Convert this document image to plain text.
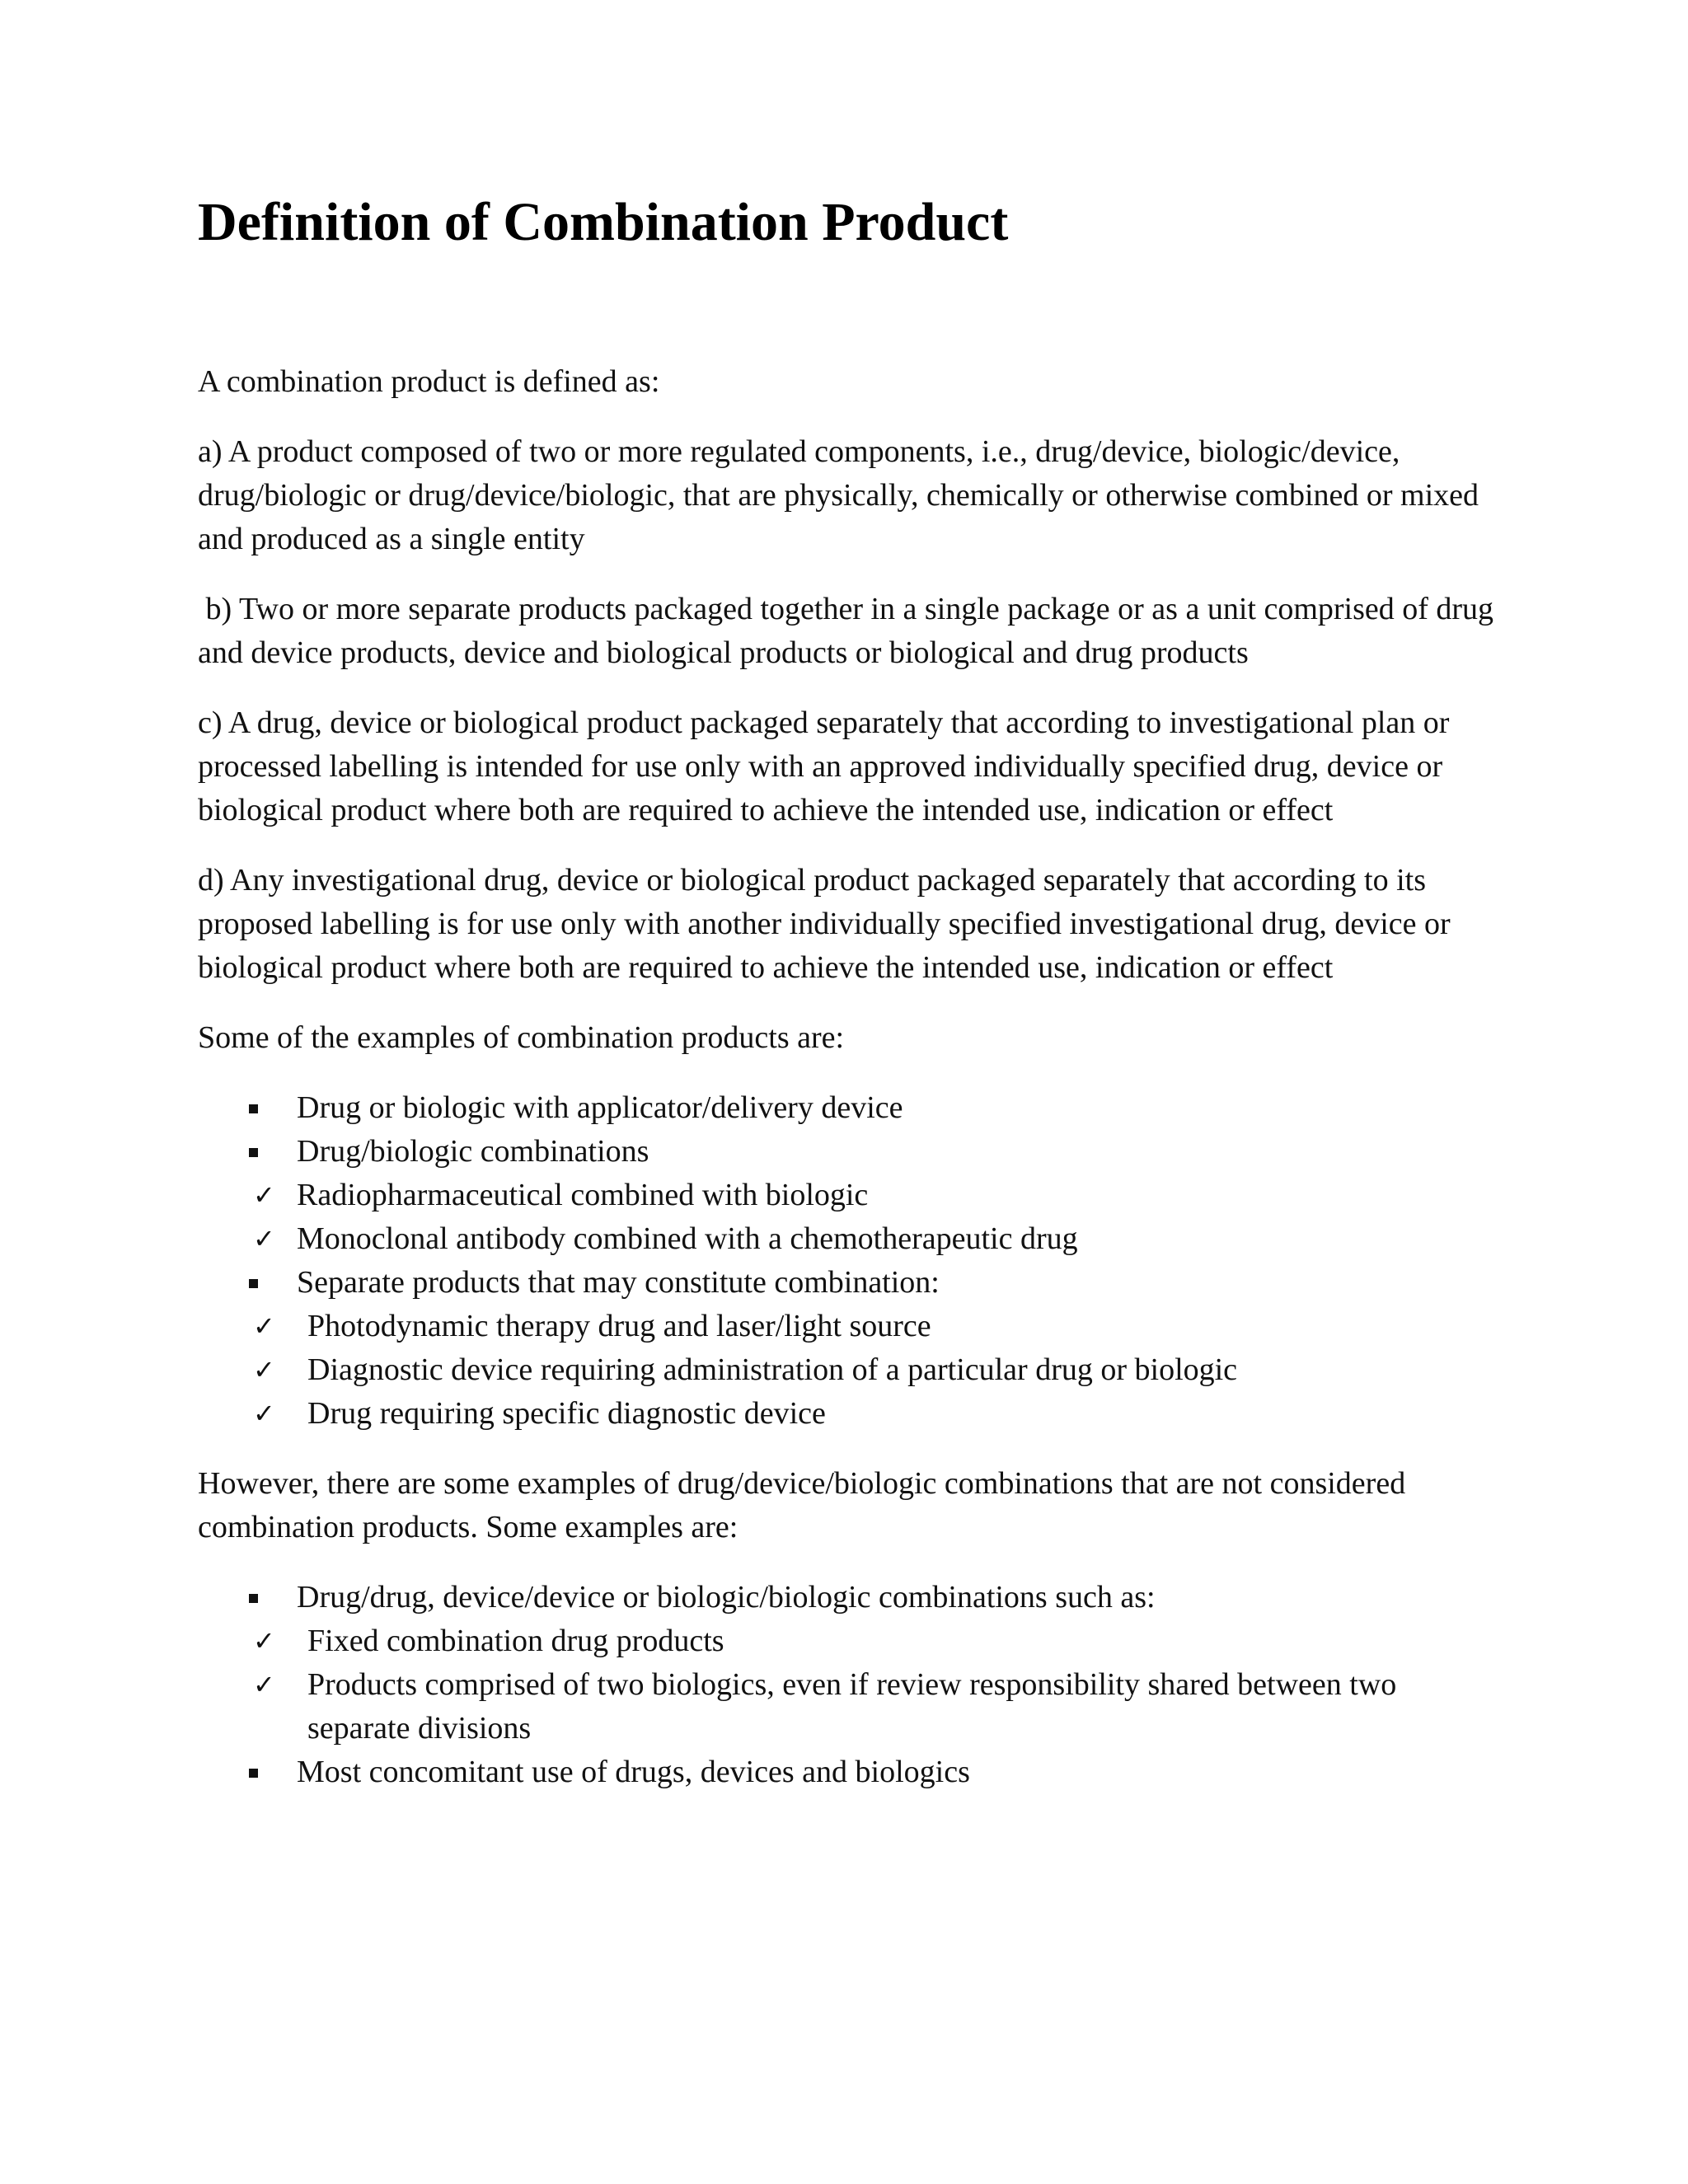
Definition of Combination Product

A combination product is defined as:

a) A product composed of two or more regulated components, i.e., drug/device, biologic/device, drug/biologic or drug/device/biologic, that are physically, chemically or otherwise combined or mixed and produced as a single entity

b) Two or more separate products packaged together in a single package or as a unit comprised of drug and device products, device and biological products or biological and drug products

c) A drug, device or biological product packaged separately that according to investigational plan or processed labelling is intended for use only with an approved individually specified drug, device or biological product where both are required to achieve the intended use, indication or effect

d) Any investigational drug, device or biological product packaged separately that according to its proposed labelling is for use only with another individually specified investigational drug, device or biological product where both are required to achieve the intended use, indication or effect

Some of the examples of combination products are:

Drug or biologic with applicator/delivery device
Drug/biologic combinations
✓ Radiopharmaceutical combined with biologic
✓ Monoclonal antibody combined with a chemotherapeutic drug
Separate products that may constitute combination:
✓ Photodynamic therapy drug and laser/light source
✓ Diagnostic device requiring administration of a particular drug or biologic
✓ Drug requiring specific diagnostic device

However, there are some examples of drug/device/biologic combinations that are not considered combination products. Some examples are:

Drug/drug, device/device or biologic/biologic combinations such as:
✓ Fixed combination drug products
✓ Products comprised of two biologics, even if review responsibility shared between two separate divisions
Most concomitant use of drugs, devices and biologics
